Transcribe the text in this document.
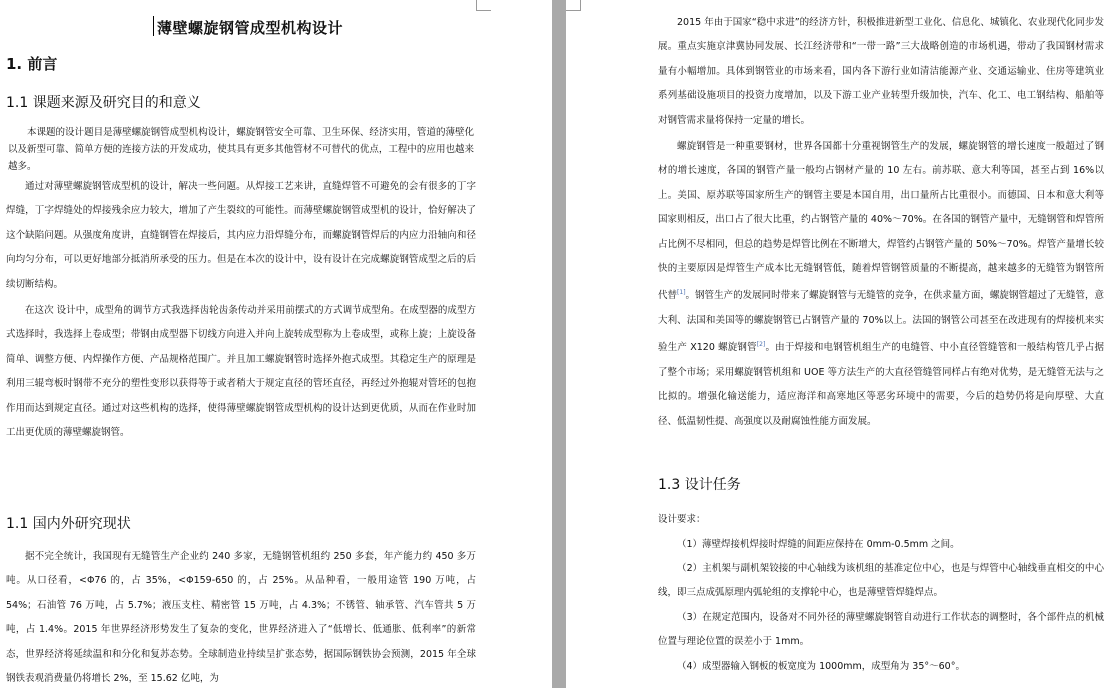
薄壁螺旋钢管成型机构设计
1. 前言
1.1 课题来源及研究目的和意义
本课题的设计题目是薄壁螺旋钢管成型机构设计，螺旋钢管安全可靠、卫生环保、经济实用，管道的薄壁化以及新型可靠、简单方便的连接方法的开发成功，使其具有更多其他管材不可替代的优点，工程中的应用也越来越多。
通过对薄壁螺旋钢管成型机的设计，解决一些问题。从焊接工艺来讲，直缝焊管不可避免的会有很多的丁字焊缝，丁字焊缝处的焊接残余应力较大，增加了产生裂纹的可能性。而薄壁螺旋钢管成型机的设计，恰好解决了这个缺陷问题。从强度角度讲，直缝钢管在焊接后，其内应力沿焊缝分布，而螺旋钢管焊后的内应力沿轴向和径向均匀分布，可以更好地部分抵消所承受的压力。但是在本次的设计中，设有设计在完成螺旋钢管成型之后的后续切断结构。
在这次 设计中，成型角的调节方式我选择齿轮齿条传动并采用前摆式的方式调节成型角。在成型器的成型方式选择时，我选择上卷成型；带钢由成型器下切线方向进入并向上旋转成型称为上卷成型，或称上旋；上旋设备简单、调整方便、内焊操作方便、产品规格范围广。并且加工螺旋钢管时选择外抱式成型。其稳定生产的原理是利用三辊弯板时钢带不充分的塑性变形以获得等于或者稍大于规定直径的管坯直径，再经过外抱辊对管坯的包抱作用而达到规定直径。通过对这些机构的选择，使得薄壁螺旋钢管成型机构的设计达到更优质，从而在作业时加工出更优质的薄壁螺旋钢管。
1.1 国内外研究现状
据不完全统计，我国现有无缝管生产企业约 240 多家，无缝钢管机组约 250 多套，年产能力约 450 多万吨。从口径看，<Φ76 的，占 35%，<Φ159-650 的，占 25%。从品种看，一般用途管 190 万吨，占 54%；石油管 76 万吨，占 5.7%；液压支柱、精密管 15 万吨，占 4.3%；不锈管、轴承管、汽车管共 5 万吨，占 1.4%。2015 年世界经济形势发生了复杂的变化，世界经济进入了“低增长、低通胀、低利率”的新常态，世界经济将延续温和和分化和复苏态势。全球制造业持续呈扩张态势，据国际钢铁协会预测，2015 年全球钢铁表观消费量仍将增长 2%，至 15.62 亿吨，为
2015 年由于国家“稳中求进”的经济方针，积极推进新型工业化、信息化、城镇化、农业现代化同步发展。重点实施京津冀协同发展、长江经济带和“一带一路”三大战略创造的市场机遇，带动了我国钢材需求量有小幅增加。具体到钢管业的市场来看，国内各下游行业如清洁能源产业、交通运输业、住房等建筑业系列基础设施项目的投资力度增加，以及下游工业产业转型升级加快，汽车、化工、电工钢结构、船舶等对钢管需求量将保持一定量的增长。
螺旋钢管是一种重要钢材，世界各国都十分重视钢管生产的发展，螺旋钢管的增长速度一般超过了钢材的增长速度，各国的钢管产量一般均占钢材产量的 10 左右。前苏联、意大利等国，甚至占到 16%以上。美国、原苏联等国家所生产的钢管主要是本国自用，出口量所占比重很小。而德国、日本和意大利等国家则相反，出口占了很大比重，约占钢管产量的 40%～70%。在各国的钢管产量中，无缝钢管和焊管所占比例不尽相同，但总的趋势是焊管比例在不断增大，焊管约占钢管产量的 50%～70%。焊管产量增长较快的主要原因是焊管生产成本比无缝钢管低，随着焊管钢管质量的不断提高，越来越多的无缝管为钢管所代替[1]。钢管生产的发展同时带来了螺旋钢管与无缝管的竞争，在供求量方面，螺旋钢管超过了无缝管，意大利、法国和美国等的螺旋钢管已占钢管产量的 70%以上。法国的钢管公司甚至在改进现有的焊接机来实验生产 X120 螺旋钢管[2]。由于焊接和电钢管机组生产的电缝管、中小直径管缝管和一般结构管几乎占据了整个市场；采用螺旋钢管机组和 UOE 等方法生产的大直径管缝管同样占有绝对优势，是无缝管无法与之比拟的。增强化输送能力，适应海洋和高寒地区等恶劣环境中的需要，今后的趋势仍将是向厚壁、大直径、低温韧性提、高强度以及耐腐蚀性能方面发展。
1.3 设计任务
设计要求：
（1）薄壁焊接机焊接时焊缝的间距应保持在 0mm-0.5mm 之间。
（2）主机架与副机架铰接的中心轴线为该机组的基准定位中心，也是与焊管中心轴线垂直相交的中心线，即三点成弧原理内弧轮组的支撑轮中心，也是薄壁管焊缝焊点。
（3）在规定范围内，设备对不同外径的薄壁螺旋钢管自动进行工作状态的调整时，各个部件点的机械位置与理论位置的误差小于 1mm。
（4）成型器输入钢板的板宽度为 1000mm，成型角为 35°～60°。
